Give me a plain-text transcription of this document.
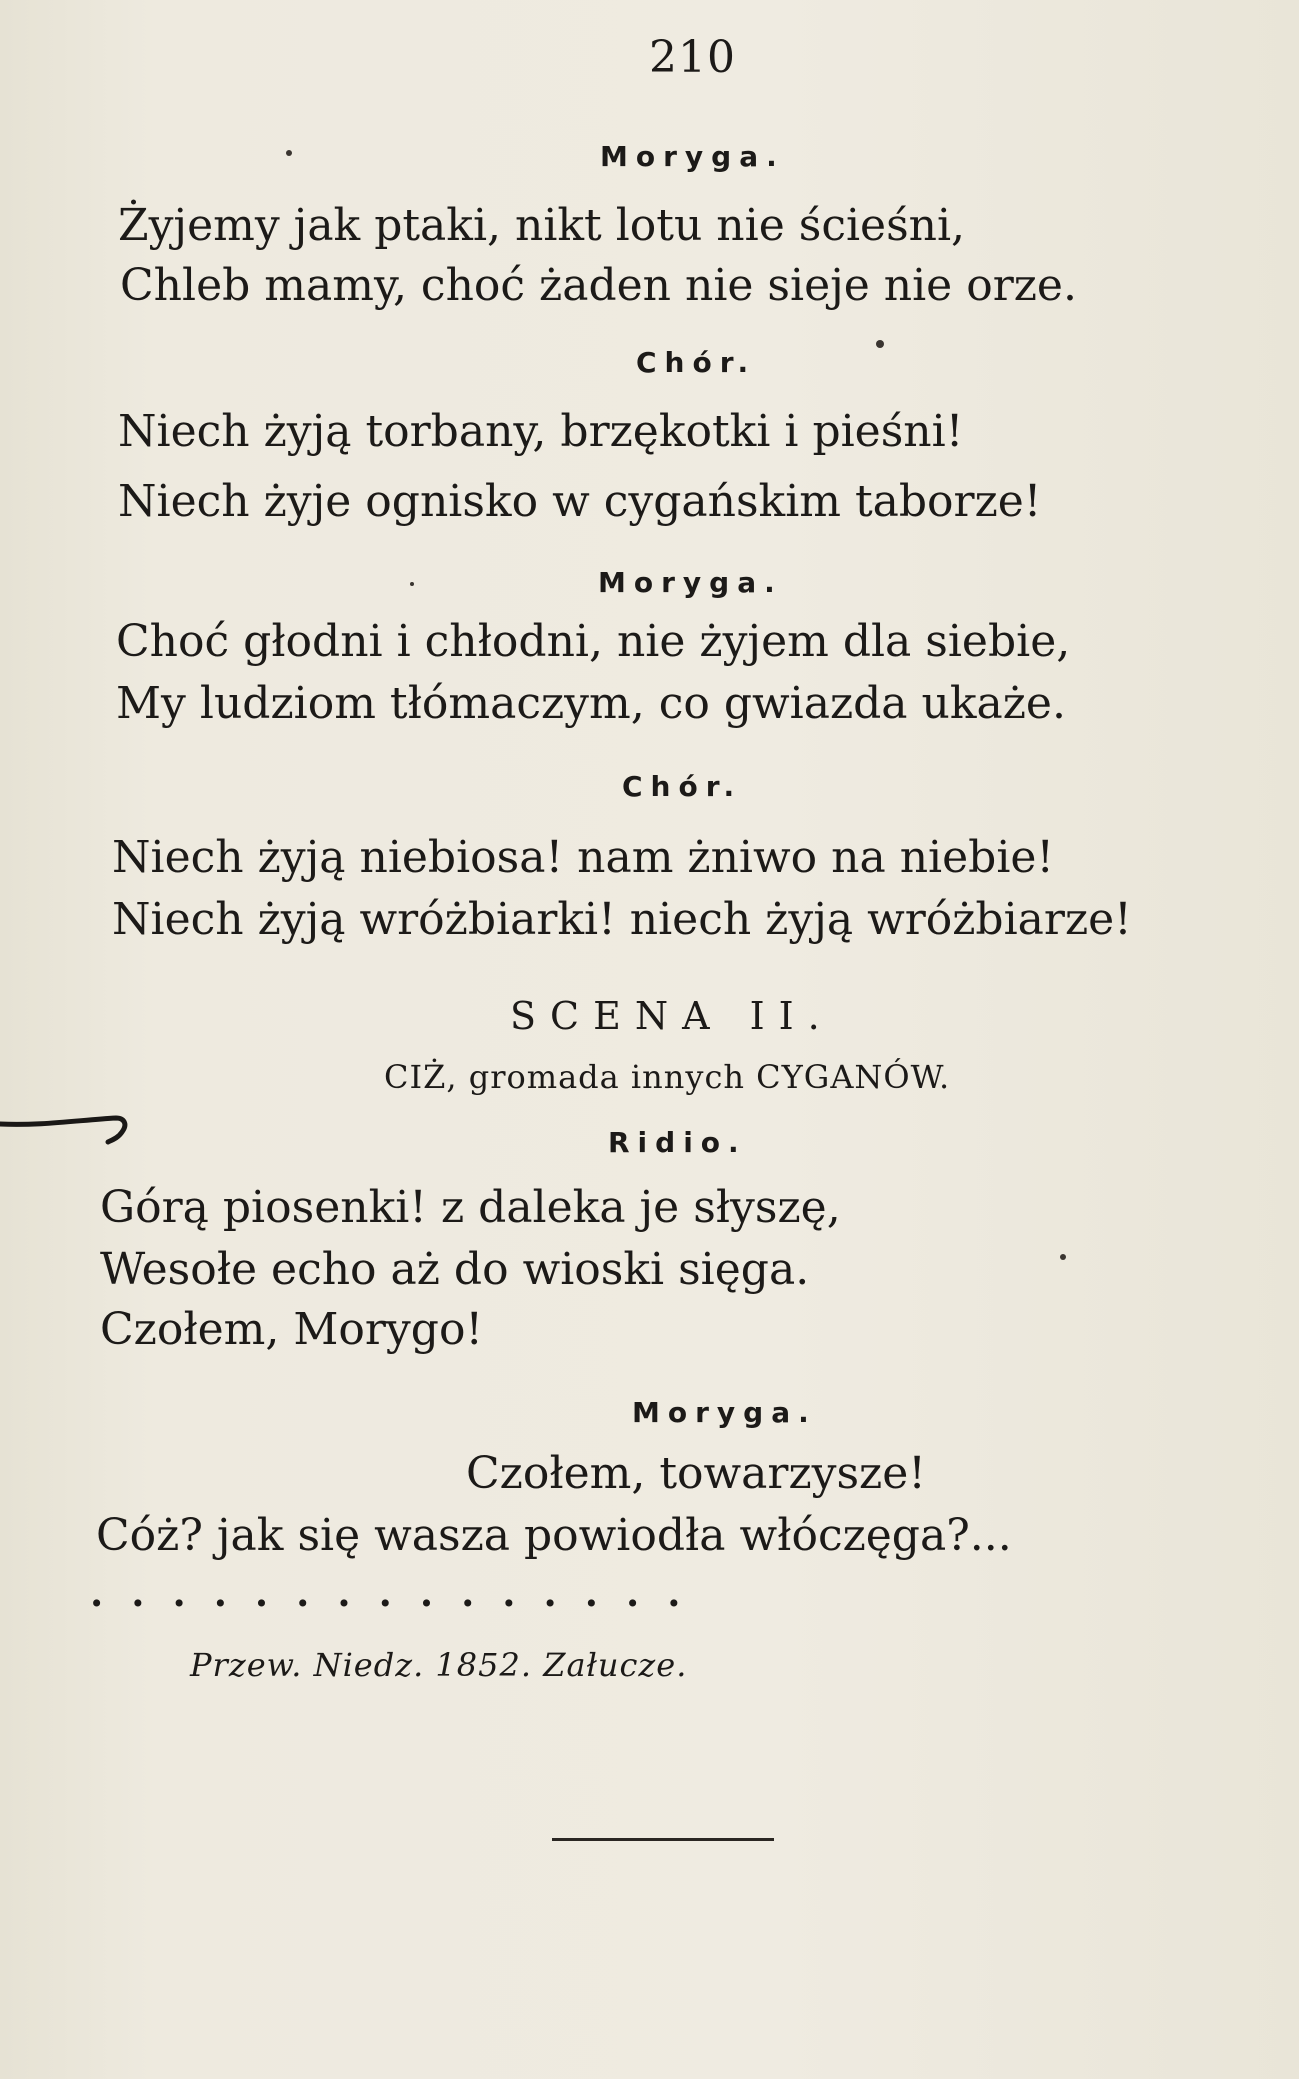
210
Moryga.
Żyjemy jak ptaki, nikt lotu nie ścieśni,
Chleb mamy, choć żaden nie sieje nie orze.
Chór.
Niech żyją torbany, brzękotki i pieśni!
Niech żyje ognisko w cygańskim taborze!
Moryga.
Choć głodni i chłodni, nie żyjem dla siebie,
My ludziom tłómaczym, co gwiazda ukaże.
Chór.
Niech żyją niebiosa! nam żniwo na niebie!
Niech żyją wróżbiarki! niech żyją wróżbiarze!
SCENA II.
CIŻ, gromada innych CYGANÓW.
Ridio.
Górą piosenki! z daleka je słyszę,
Wesołe echo aż do wioski sięga.
Czołem, Morygo!
Moryga.
Czołem, towarzysze!
Cóż? jak się wasza powiodła włóczęga?...
...............
Przew. Niedz. 1852. Załucze.
